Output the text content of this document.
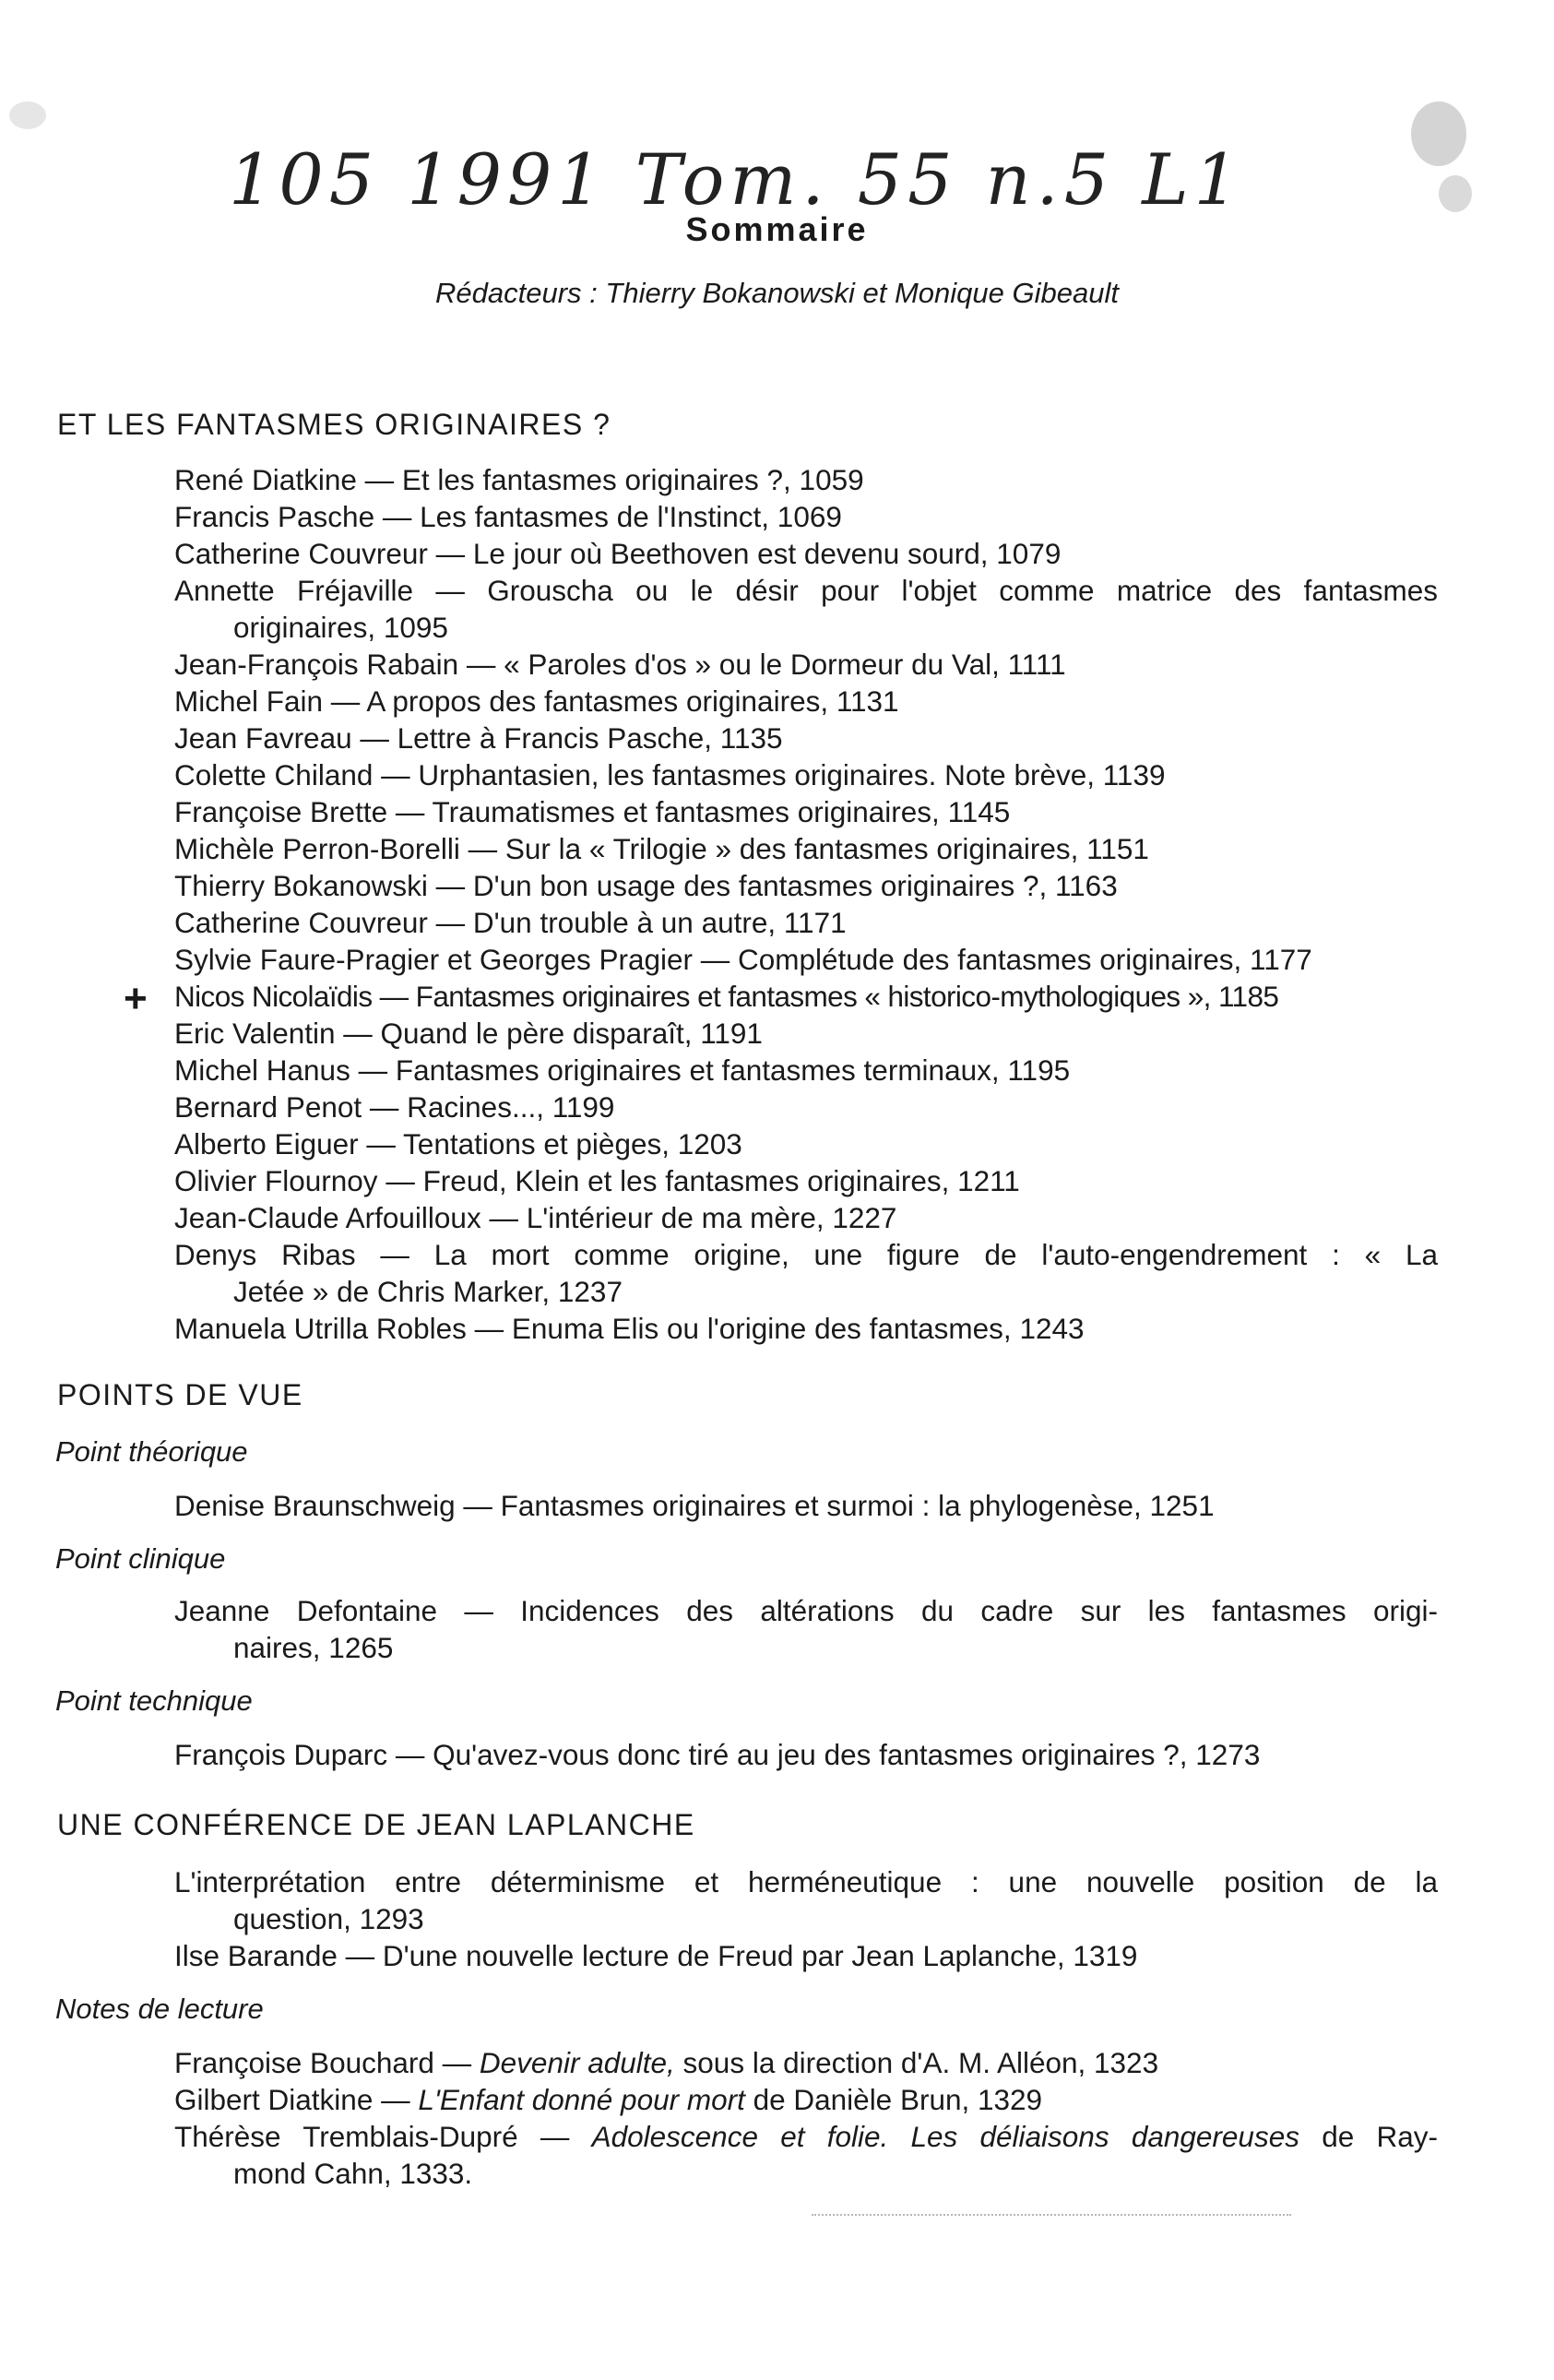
105 1991 Tom. 55 n.5 L1
Sommaire
Rédacteurs : Thierry Bokanowski et Monique Gibeault
ET LES FANTASMES ORIGINAIRES ?
René Diatkine — Et les fantasmes originaires ?, 1059
Francis Pasche — Les fantasmes de l'Instinct, 1069
Catherine Couvreur — Le jour où Beethoven est devenu sourd, 1079
Annette Fréjaville — Grouscha ou le désir pour l'objet comme matrice des fantasmes
originaires, 1095
Jean-François Rabain — « Paroles d'os » ou le Dormeur du Val, 1111
Michel Fain — A propos des fantasmes originaires, 1131
Jean Favreau — Lettre à Francis Pasche, 1135
Colette Chiland — Urphantasien, les fantasmes originaires. Note brève, 1139
Françoise Brette — Traumatismes et fantasmes originaires, 1145
Michèle Perron-Borelli — Sur la « Trilogie » des fantasmes originaires, 1151
Thierry Bokanowski — D'un bon usage des fantasmes originaires ?, 1163
Catherine Couvreur — D'un trouble à un autre, 1171
Sylvie Faure-Pragier et Georges Pragier — Complétude des fantasmes originaires, 1177
Nicos Nicolaïdis — Fantasmes originaires et fantasmes « historico-mythologiques », 1185
Eric Valentin — Quand le père disparaît, 1191
Michel Hanus — Fantasmes originaires et fantasmes terminaux, 1195
Bernard Penot — Racines..., 1199
Alberto Eiguer — Tentations et pièges, 1203
Olivier Flournoy — Freud, Klein et les fantasmes originaires, 1211
Jean-Claude Arfouilloux — L'intérieur de ma mère, 1227
Denys Ribas — La mort comme origine, une figure de l'auto-engendrement : « La
Jetée » de Chris Marker, 1237
Manuela Utrilla Robles — Enuma Elis ou l'origine des fantasmes, 1243
+
POINTS DE VUE
Point théorique
Denise Braunschweig — Fantasmes originaires et surmoi : la phylogenèse, 1251
Point clinique
Jeanne Defontaine — Incidences des altérations du cadre sur les fantasmes origi-
naires, 1265
Point technique
François Duparc — Qu'avez-vous donc tiré au jeu des fantasmes originaires ?, 1273
UNE CONFÉRENCE DE JEAN LAPLANCHE
L'interprétation entre déterminisme et herméneutique : une nouvelle position de la
question, 1293
Ilse Barande — D'une nouvelle lecture de Freud par Jean Laplanche, 1319
Notes de lecture
Françoise Bouchard — Devenir adulte, sous la direction d'A. M. Alléon, 1323
Gilbert Diatkine — L'Enfant donné pour mort de Danièle Brun, 1329
Thérèse Tremblais-Dupré — Adolescence et folie. Les déliaisons dangereuses de Ray-
mond Cahn, 1333.
